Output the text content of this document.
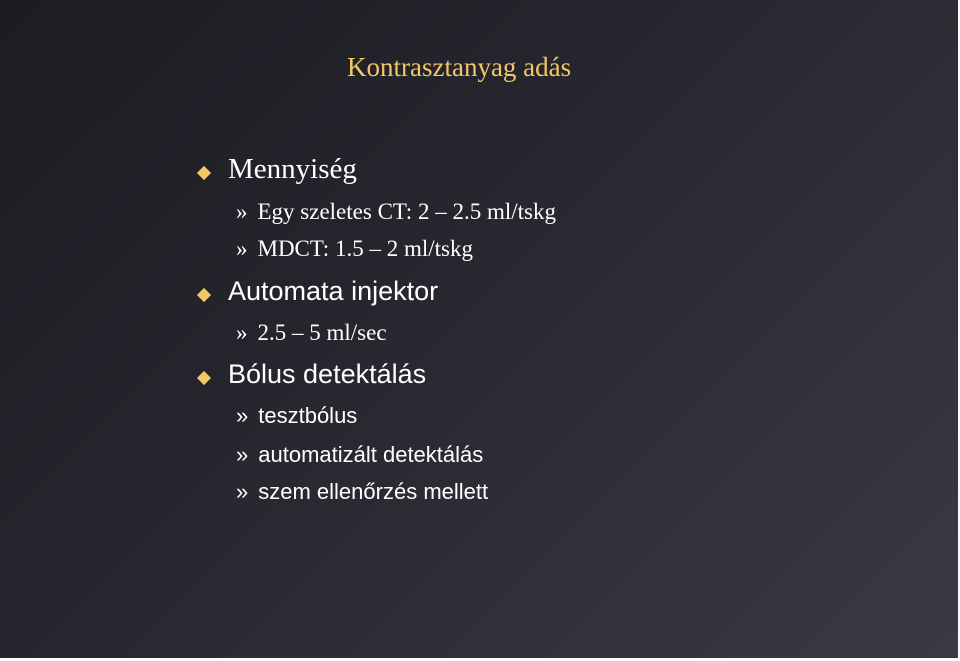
Kontrasztanyag adás
Mennyiség
» Egy szeletes CT: 2 – 2.5 ml/tskg
» MDCT: 1.5 – 2 ml/tskg
Automata injektor
» 2.5 – 5 ml/sec
Bólus detektálás
» tesztbólus
» automatizált detektálás
» szem ellenőrzés mellett
